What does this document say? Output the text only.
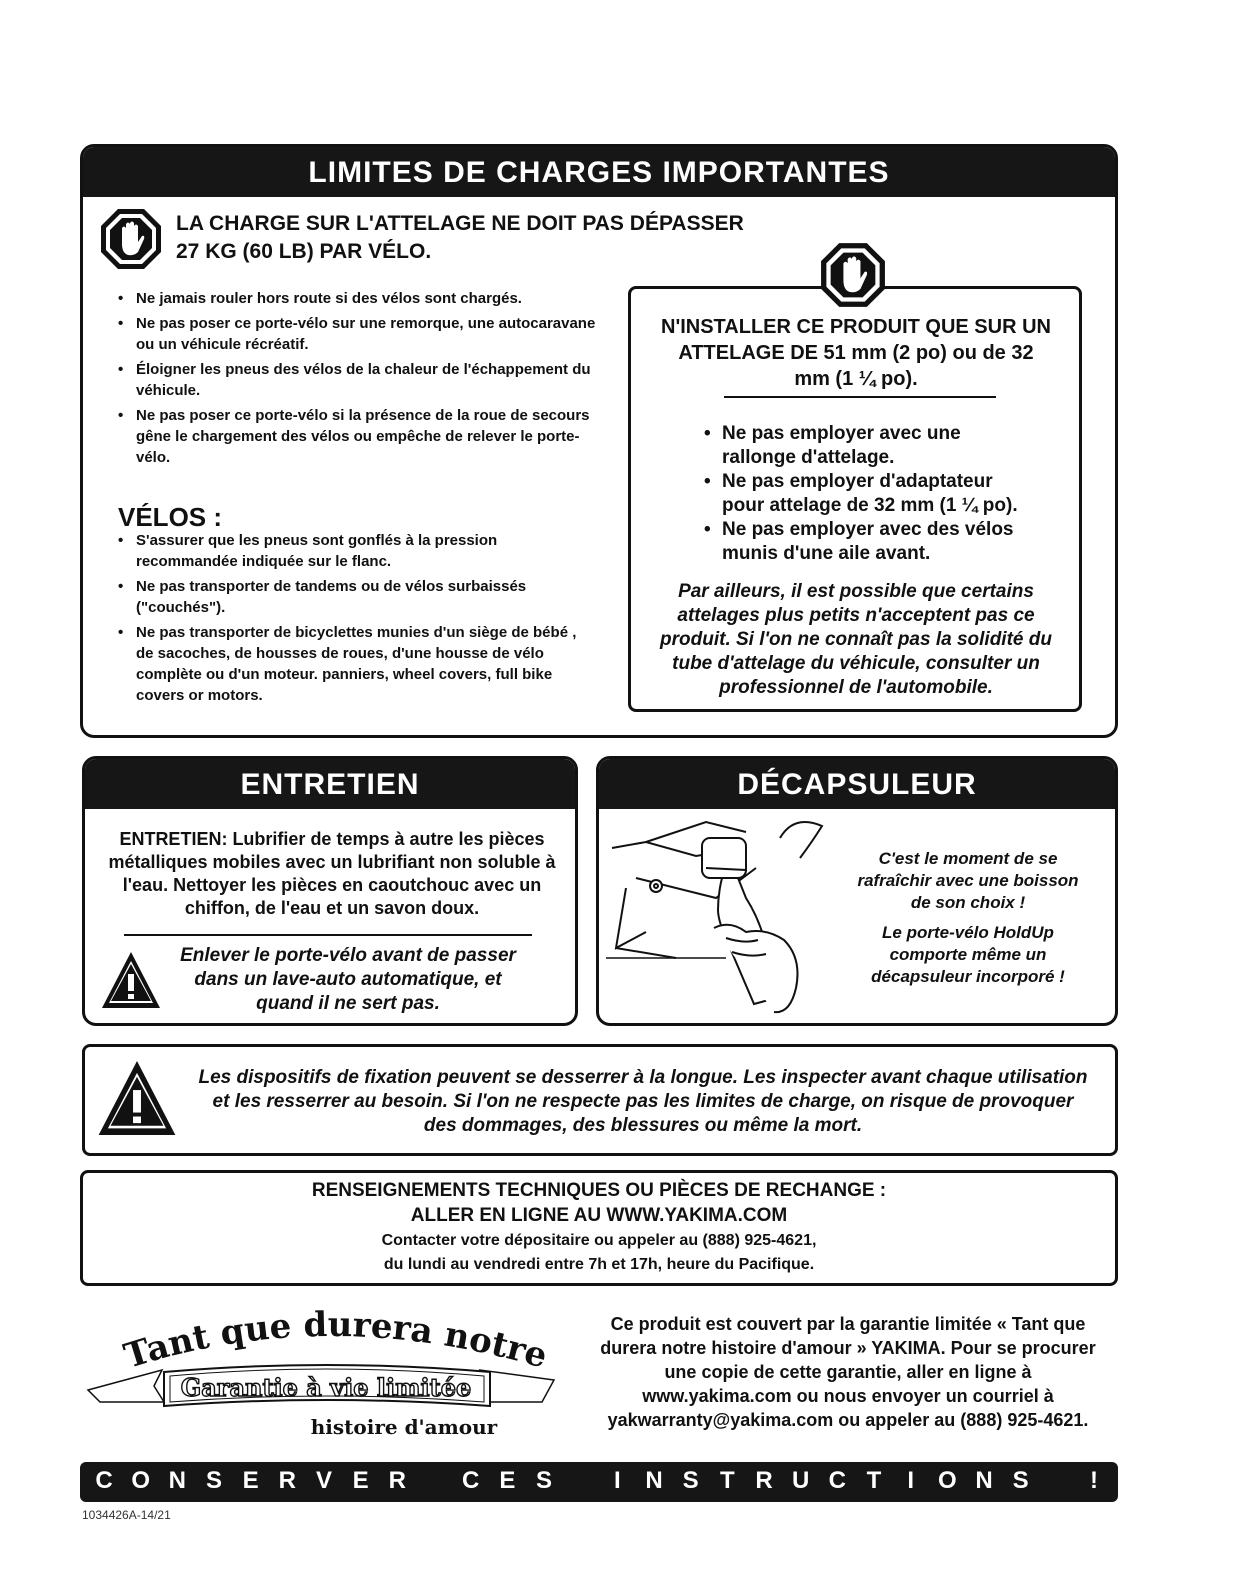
LIMITES DE CHARGES IMPORTANTES
LA CHARGE SUR L'ATTELAGE NE DOIT PAS DÉPASSER
27 KG (60 LB) PAR VÉLO.
• Ne jamais rouler hors route si des vélos sont chargés.
• Ne pas poser ce porte-vélo sur une remorque, une autocaravane ou un véhicule récréatif.
• Éloigner les pneus des vélos de la chaleur de l'échappement du véhicule.
• Ne pas poser ce porte-vélo si la présence de la roue de secours gêne le chargement des vélos ou empêche de relever le porte-vélo.
VÉLOS :
• S'assurer que les pneus sont gonflés à la pression recommandée indiquée sur le flanc.
• Ne pas transporter de tandems ou de vélos surbaissés ("couchés").
• Ne pas transporter de bicyclettes munies d'un siège de bébé , de sacoches, de housses de roues, d'une housse de vélo complète ou d'un moteur. panniers, wheel covers, full bike covers or motors.
N'INSTALLER CE PRODUIT QUE SUR UN ATTELAGE DE 51 mm (2 po) ou de 32 mm (1 ¼ po).
• Ne pas employer avec une rallonge d'attelage.
• Ne pas employer d'adaptateur pour attelage de 32 mm (1 ¼ po).
• Ne pas employer avec des vélos munis d'une aile avant.
Par ailleurs, il est possible que certains attelages plus petits n'acceptent pas ce produit. Si l'on ne connaît pas la solidité du tube d'attelage du véhicule, consulter un professionnel de l'automobile.
ENTRETIEN
ENTRETIEN: Lubrifier de temps à autre les pièces métalliques mobiles avec un lubrifiant non soluble à l'eau. Nettoyer les pièces en caoutchouc avec un chiffon, de l'eau et un savon doux.
Enlever le porte-vélo avant de passer dans un lave-auto automatique, et quand il ne sert pas.
DÉCAPSULEUR
C'est le moment de se rafraîchir avec une boisson de son choix !
Le porte-vélo HoldUp comporte même un décapsuleur incorporé !
Les dispositifs de fixation peuvent se desserrer à la longue. Les inspecter avant chaque utilisation et les resserrer au besoin. Si l'on ne respecte pas les limites de charge, on risque de provoquer des dommages, des blessures ou même la mort.
RENSEIGNEMENTS TECHNIQUES OU PIÈCES DE RECHANGE :
ALLER EN LIGNE AU WWW.YAKIMA.COM
Contacter votre dépositaire ou appeler au (888) 925-4621,
du lundi au vendredi entre 7h et 17h, heure du Pacifique.
Tant que durera notre
Garantie à vie limitée
histoire d'amour
Ce produit est couvert par la garantie limitée « Tant que durera notre histoire d'amour » YAKIMA. Pour se procurer une copie de cette garantie, aller en ligne à www.yakima.com ou nous envoyer un courriel à yakwarranty@yakima.com ou appeler au (888) 925-4621.
C O N S E R V E R C E S	I N S T R U C T I O N S	!
1034426A-14/21
